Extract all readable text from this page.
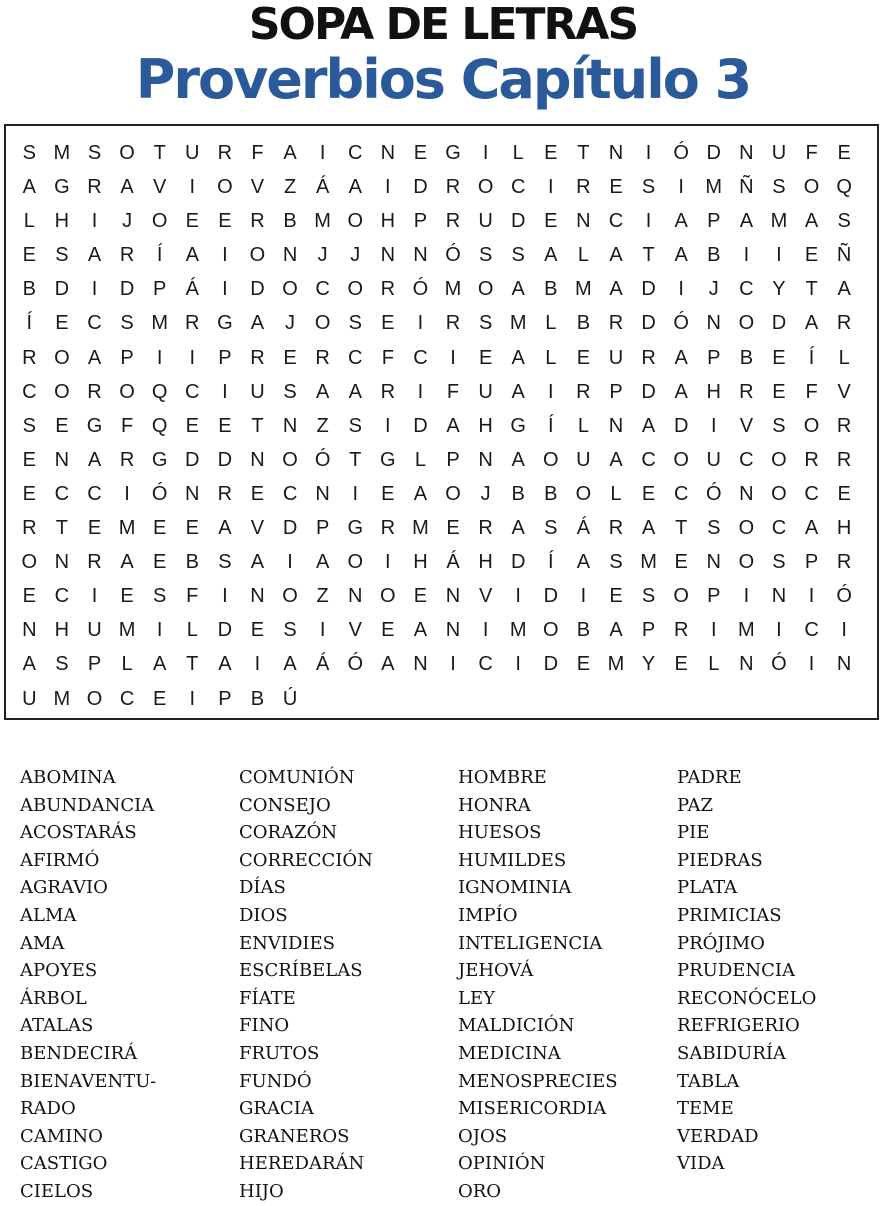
SOPA DE LETRAS
Proverbios Capítulo 3
S M S O T U R F A	I	C N E G	I	L	E T N	I	Ó D N U F E
A G R A V	I	O V Z Á A	I	D R O C	I	R E S	I	M Ñ S O Q
L H	I	J O E E R B M O H P R U D E N C	I	A P A M A S
E S A R	Í	A	I	O N	J	J	N N Ó S S A	L	A T A B	I	I	E Ñ
B D	I	D P Á	I	D O C O R Ó M O A B M A D	I	J	C Y T A
Í	E C S M R G A	J O S E	I	R S M L	B R D Ó N O D A R
R O A P	I	I	P R E R C F C	I	E A	L	E U R A P B E	Í	L
C O R O Q C	I	U S A A R	I	F U A	I	R P D A H R E F V
S E G F Q E E T N Z S	I	D A H G	Í	L N A D	I	V S O R
E N A R G D D N O Ó T G L	P N A O U A C O U C O R R
E C C	I	Ó N R E C N	I	E A O J	B B O L	E C Ó N O C E
R T E M E E A V D P G R M E R A S Á R A T S O C A H
O N R A E B S A	I	A O	I	H Á H D	Í	A S M E N O S P R
E C	I	E S F	I	N O Z N O E N V	I	D	I	E S O P	I	N	I	Ó
N H U M	I	L D E S	I	V E A N	I	M O B A P R	I	M	I	C	I
A S P	L	A T A	I	A Á Ó A N	I	C	I	D E M Y E	L N Ó	I	N
U M O C E	I	P B Ú
ABOMINA
ABUNDANCIA
ACOSTARÁS
AFIRMÓ
AGRAVIO
ALMA
AMA
APOYES
ÁRBOL
ATALAS
BENDECIRÁ
BIENAVENTU-
RADO
CAMINO
CASTIGO
CIELOS
COMUNIÓN
CONSEJO
CORAZÓN
CORRECCIÓN
DÍAS
DIOS
ENVIDIES
ESCRÍBELAS
FÍATE
FINO
FRUTOS
FUNDÓ
GRACIA
GRANEROS
HEREDARÁN
HIJO
HOMBRE
HONRA
HUESOS
HUMILDES
IGNOMINIA
IMPÍO
INTELIGENCIA
JEHOVÁ
LEY
MALDICIÓN
MEDICINA
MENOSPRECIES
MISERICORDIA
OJOS
OPINIÓN
ORO
PADRE
PAZ
PIE
PIEDRAS
PLATA
PRIMICIAS
PRÓJIMO
PRUDENCIA
RECONÓCELO
REFRIGERIO
SABIDURÍA
TABLA
TEME
VERDAD
VIDA
